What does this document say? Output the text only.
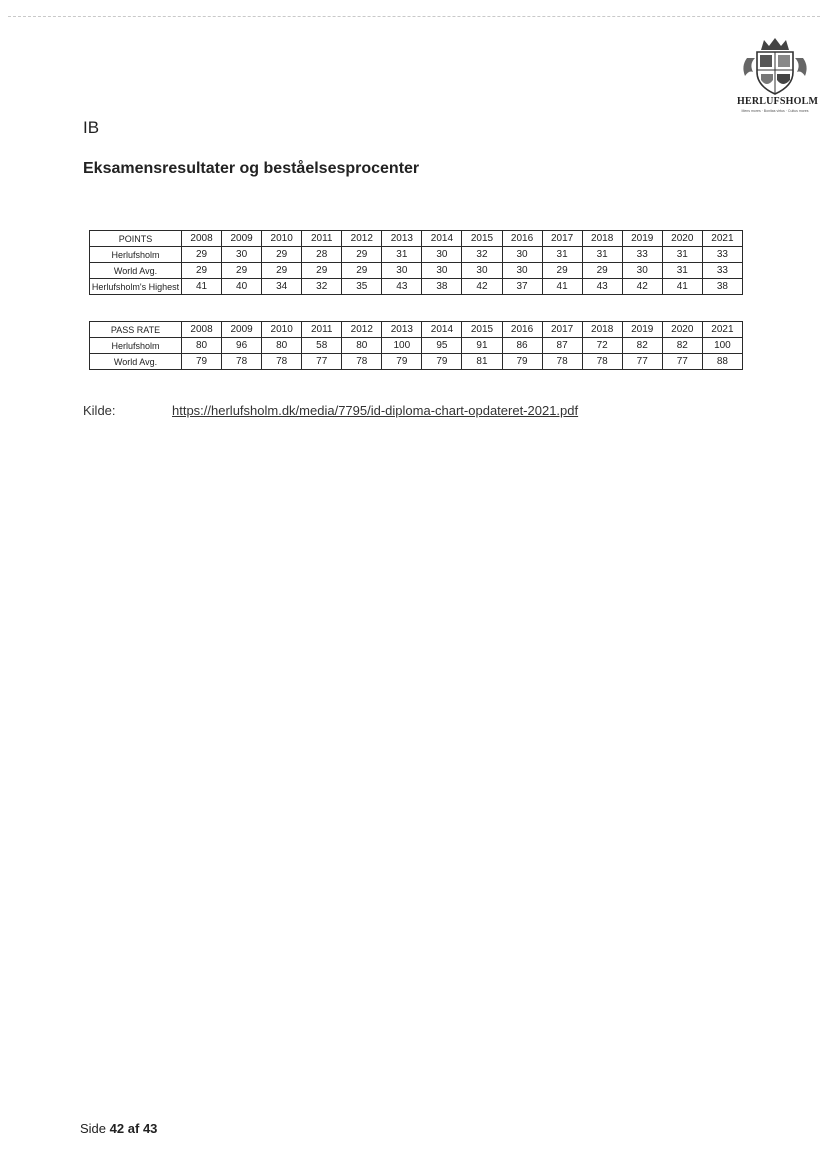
HERLUFSHOLM
Mens mores · Bonitas virtus · Cultus mores
IB
Eksamensresultater og beståelsesprocenter
POINTS	2008	2009	2010	2011	2012	2013	2014	2015	2016	2017	2018	2019	2020	2021
Herlufsholm	29	30	29	28	29	31	30	32	30	31	31	33	31	33
World Avg.	29	29	29	29	29	30	30	30	30	29	29	30	31	33
Herlufsholm's Highest	41	40	34	32	35	43	38	42	37	41	43	42	41	38
PASS RATE	2008	2009	2010	2011	2012	2013	2014	2015	2016	2017	2018	2019	2020	2021
Herlufsholm	80	96	80	58	80	100	95	91	86	87	72	82	82	100
World Avg.	79	78	78	77	78	79	79	81	79	78	78	77	77	88
Kilde:	https://herlufsholm.dk/media/7795/id-diploma-chart-opdateret-2021.pdf
Side 42 af 43
